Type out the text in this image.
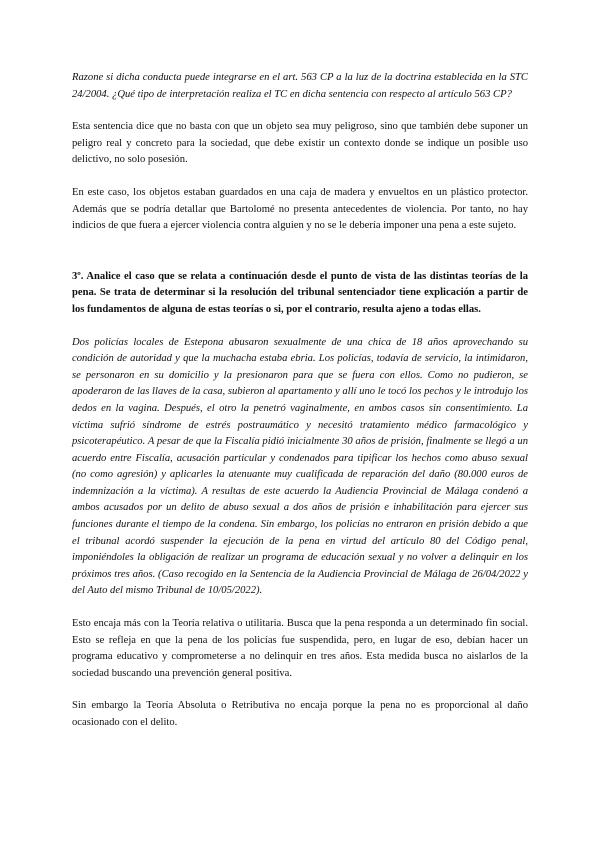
Razone si dicha conducta puede integrarse en el art. 563 CP a la luz de la doctrina establecida en la STC 24/2004. ¿Qué tipo de interpretación realiza el TC en dicha sentencia con respecto al artículo 563 CP?

Esta sentencia dice que no basta con que un objeto sea muy peligroso, sino que también debe suponer un peligro real y concreto para la sociedad, que debe existir un contexto donde se indique un posible uso delictivo, no solo posesión.

En este caso, los objetos estaban guardados en una caja de madera y envueltos en un plástico protector. Además que se podría detallar que Bartolomé no presenta antecedentes de violencia. Por tanto, no hay indicios de que fuera a ejercer violencia contra alguien y no se le debería imponer una pena a este sujeto.

3º. Analice el caso que se relata a continuación desde el punto de vista de las distintas teorías de la pena. Se trata de determinar si la resolución del tribunal sentenciador tiene explicación a partir de los fundamentos de alguna de estas teorías o si, por el contrario, resulta ajeno a todas ellas.

Dos policías locales de Estepona abusaron sexualmente de una chica de 18 años aprovechando su condición de autoridad y que la muchacha estaba ebria. Los policías, todavía de servicio, la intimidaron, se personaron en su domicilio y la presionaron para que se fuera con ellos. Como no pudieron, se apoderaron de las llaves de la casa, subieron al apartamento y allí uno le tocó los pechos y le introdujo los dedos en la vagina. Después, el otro la penetró vaginalmente, en ambos casos sin consentimiento. La víctima sufrió síndrome de estrés postraumático y necesitó tratamiento médico farmacológico y psicoterapéutico. A pesar de que la Fiscalía pidió inicialmente 30 años de prisión, finalmente se llegó a un acuerdo entre Fiscalía, acusación particular y condenados para tipificar los hechos como abuso sexual (no como agresión) y aplicarles la atenuante muy cualificada de reparación del daño (80.000 euros de indemnización a la víctima). A resultas de este acuerdo la Audiencia Provincial de Málaga condenó a ambos acusados por un delito de abuso sexual a dos años de prisión e inhabilitación para ejercer sus funciones durante el tiempo de la condena. Sin embargo, los policías no entraron en prisión debido a que el tribunal acordó suspender la ejecución de la pena en virtud del artículo 80 del Código penal, imponiéndoles la obligación de realizar un programa de educación sexual y no volver a delinquir en los próximos tres años. (Caso recogido en la Sentencia de la Audiencia Provincial de Málaga de 26/04/2022 y del Auto del mismo Tribunal de 10/05/2022).

Esto encaja más con la Teoría relativa o utilitaria. Busca que la pena responda a un determinado fin social. Esto se refleja en que la pena de los policías fue suspendida, pero, en lugar de eso, debían hacer un programa educativo y comprometerse a no delinquir en tres años. Esta medida busca no aislarlos de la sociedad buscando una prevención general positiva.

Sin embargo la Teoría Absoluta o Retributiva no encaja porque la pena no es proporcional al daño ocasionado con el delito.
